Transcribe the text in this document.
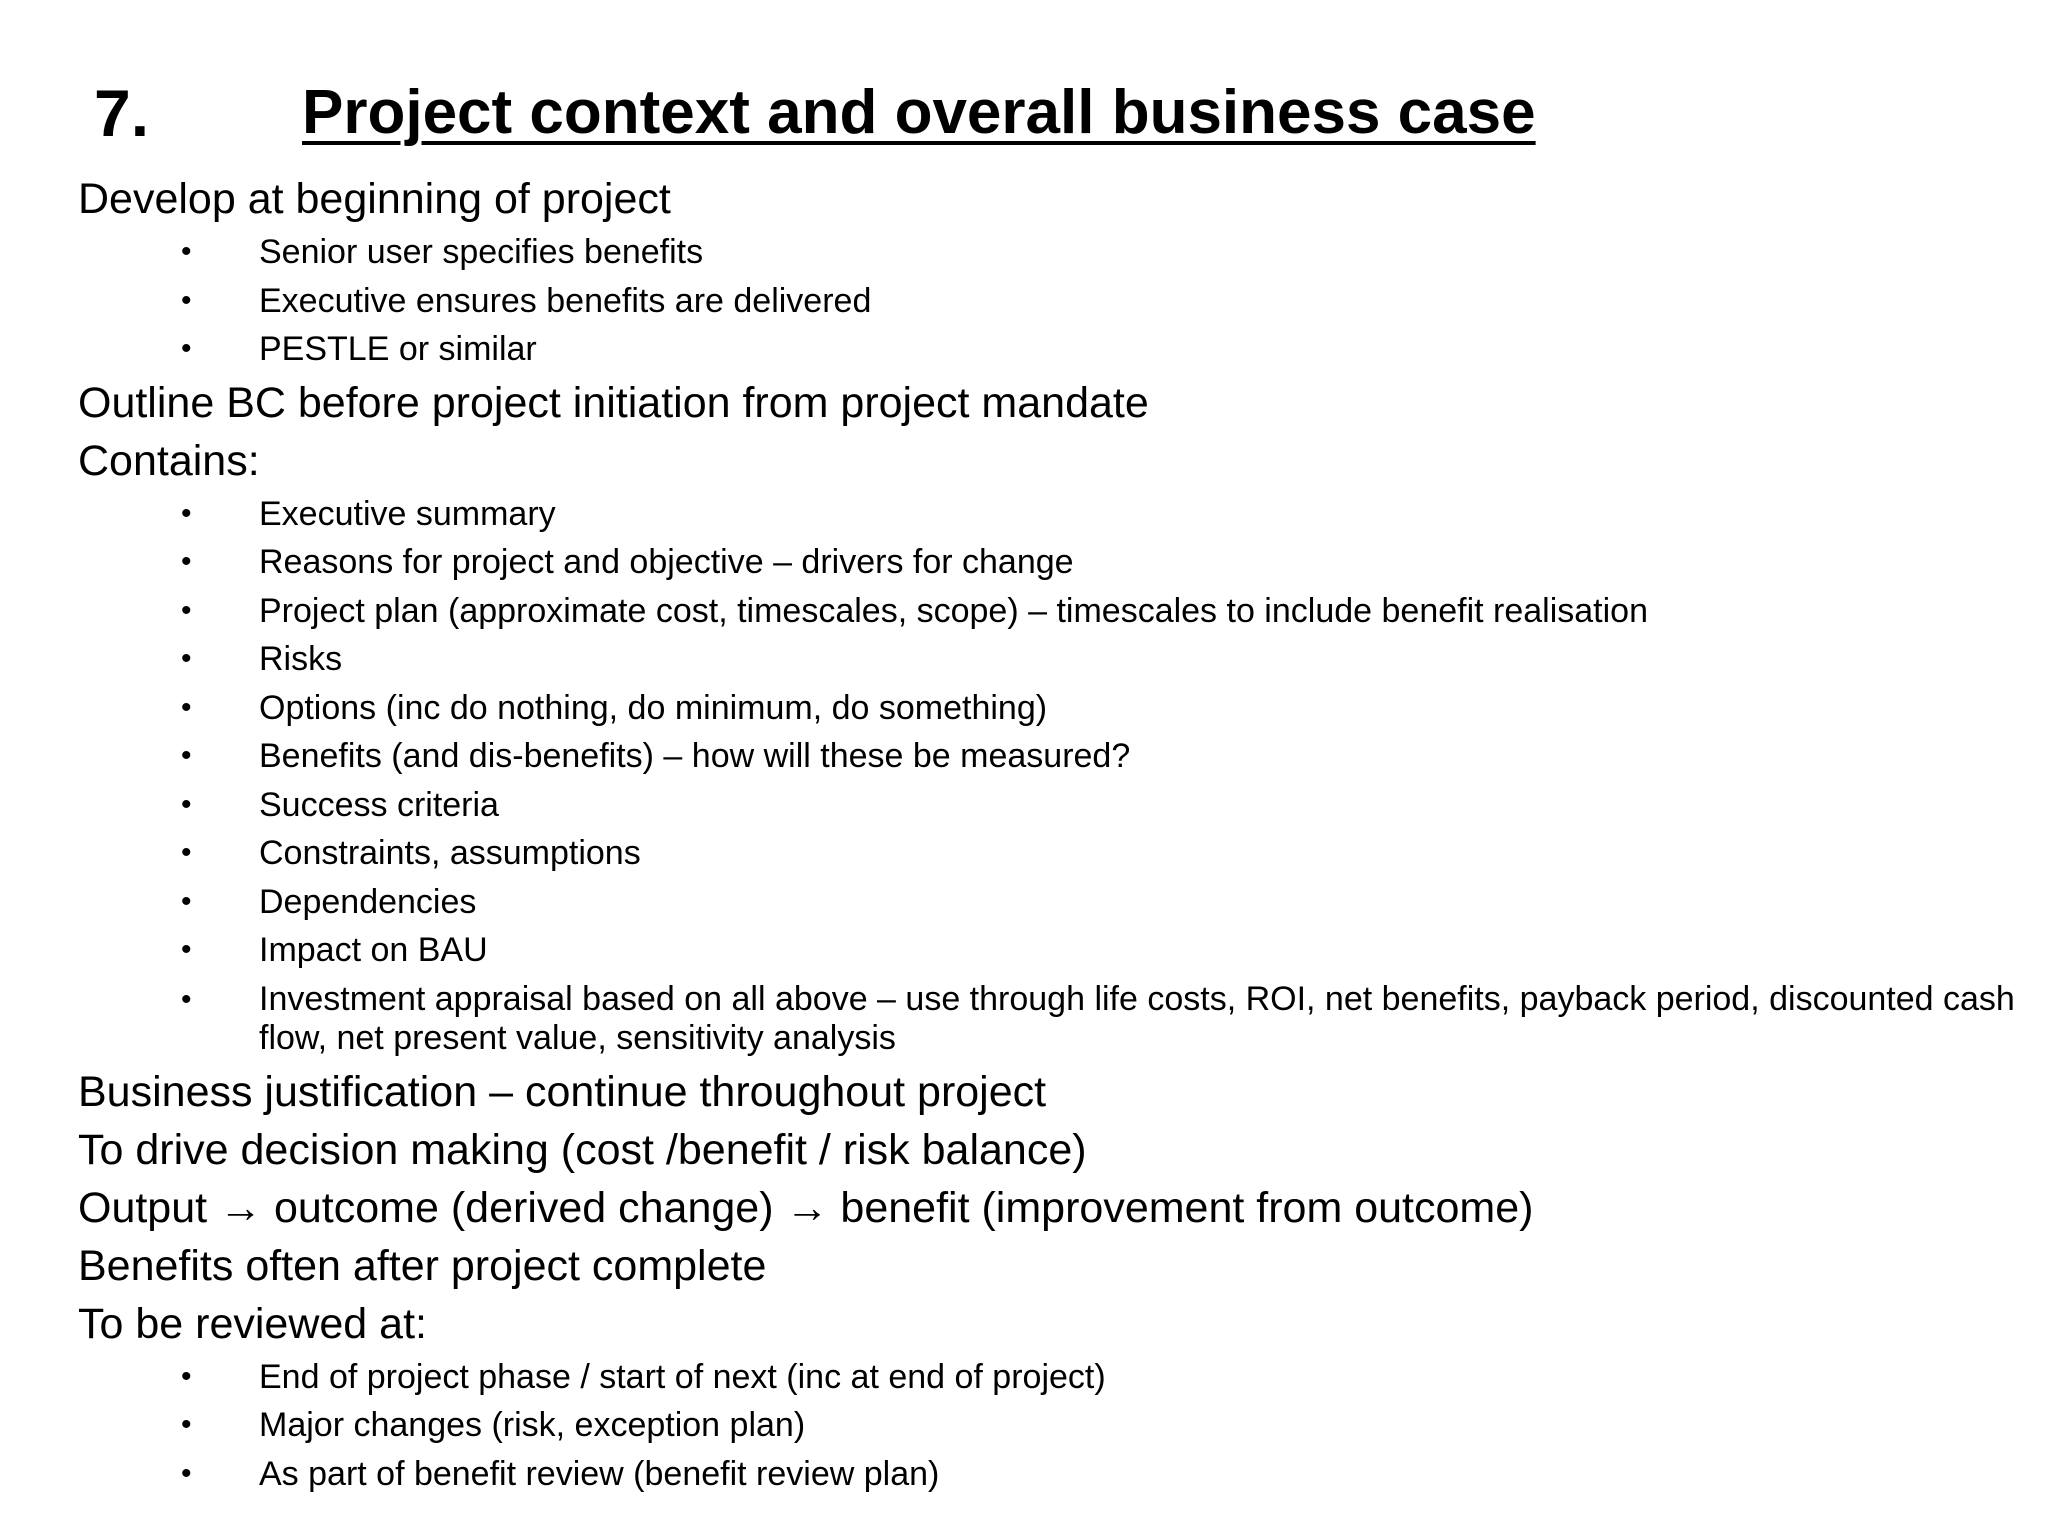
7. Project context and overall business case
Develop at beginning of project
• Senior user specifies benefits
• Executive ensures benefits are delivered
• PESTLE or similar
Outline BC before project initiation from project mandate
Contains:
• Executive summary
• Reasons for project and objective – drivers for change
• Project plan (approximate cost, timescales, scope) – timescales to include benefit realisation
• Risks
• Options (inc do nothing, do minimum, do something)
• Benefits (and dis-benefits) – how will these be measured?
• Success criteria
• Constraints, assumptions
• Dependencies
• Impact on BAU
• Investment appraisal based on all above – use through life costs, ROI, net benefits, payback period, discounted cash flow, net present value, sensitivity analysis
Business justification – continue throughout project
To drive decision making (cost /benefit / risk balance)
Output → outcome (derived change) → benefit (improvement from outcome)
Benefits often after project complete
To be reviewed at:
• End of project phase / start of next (inc at end of project)
• Major changes (risk, exception plan)
• As part of benefit review (benefit review plan)
